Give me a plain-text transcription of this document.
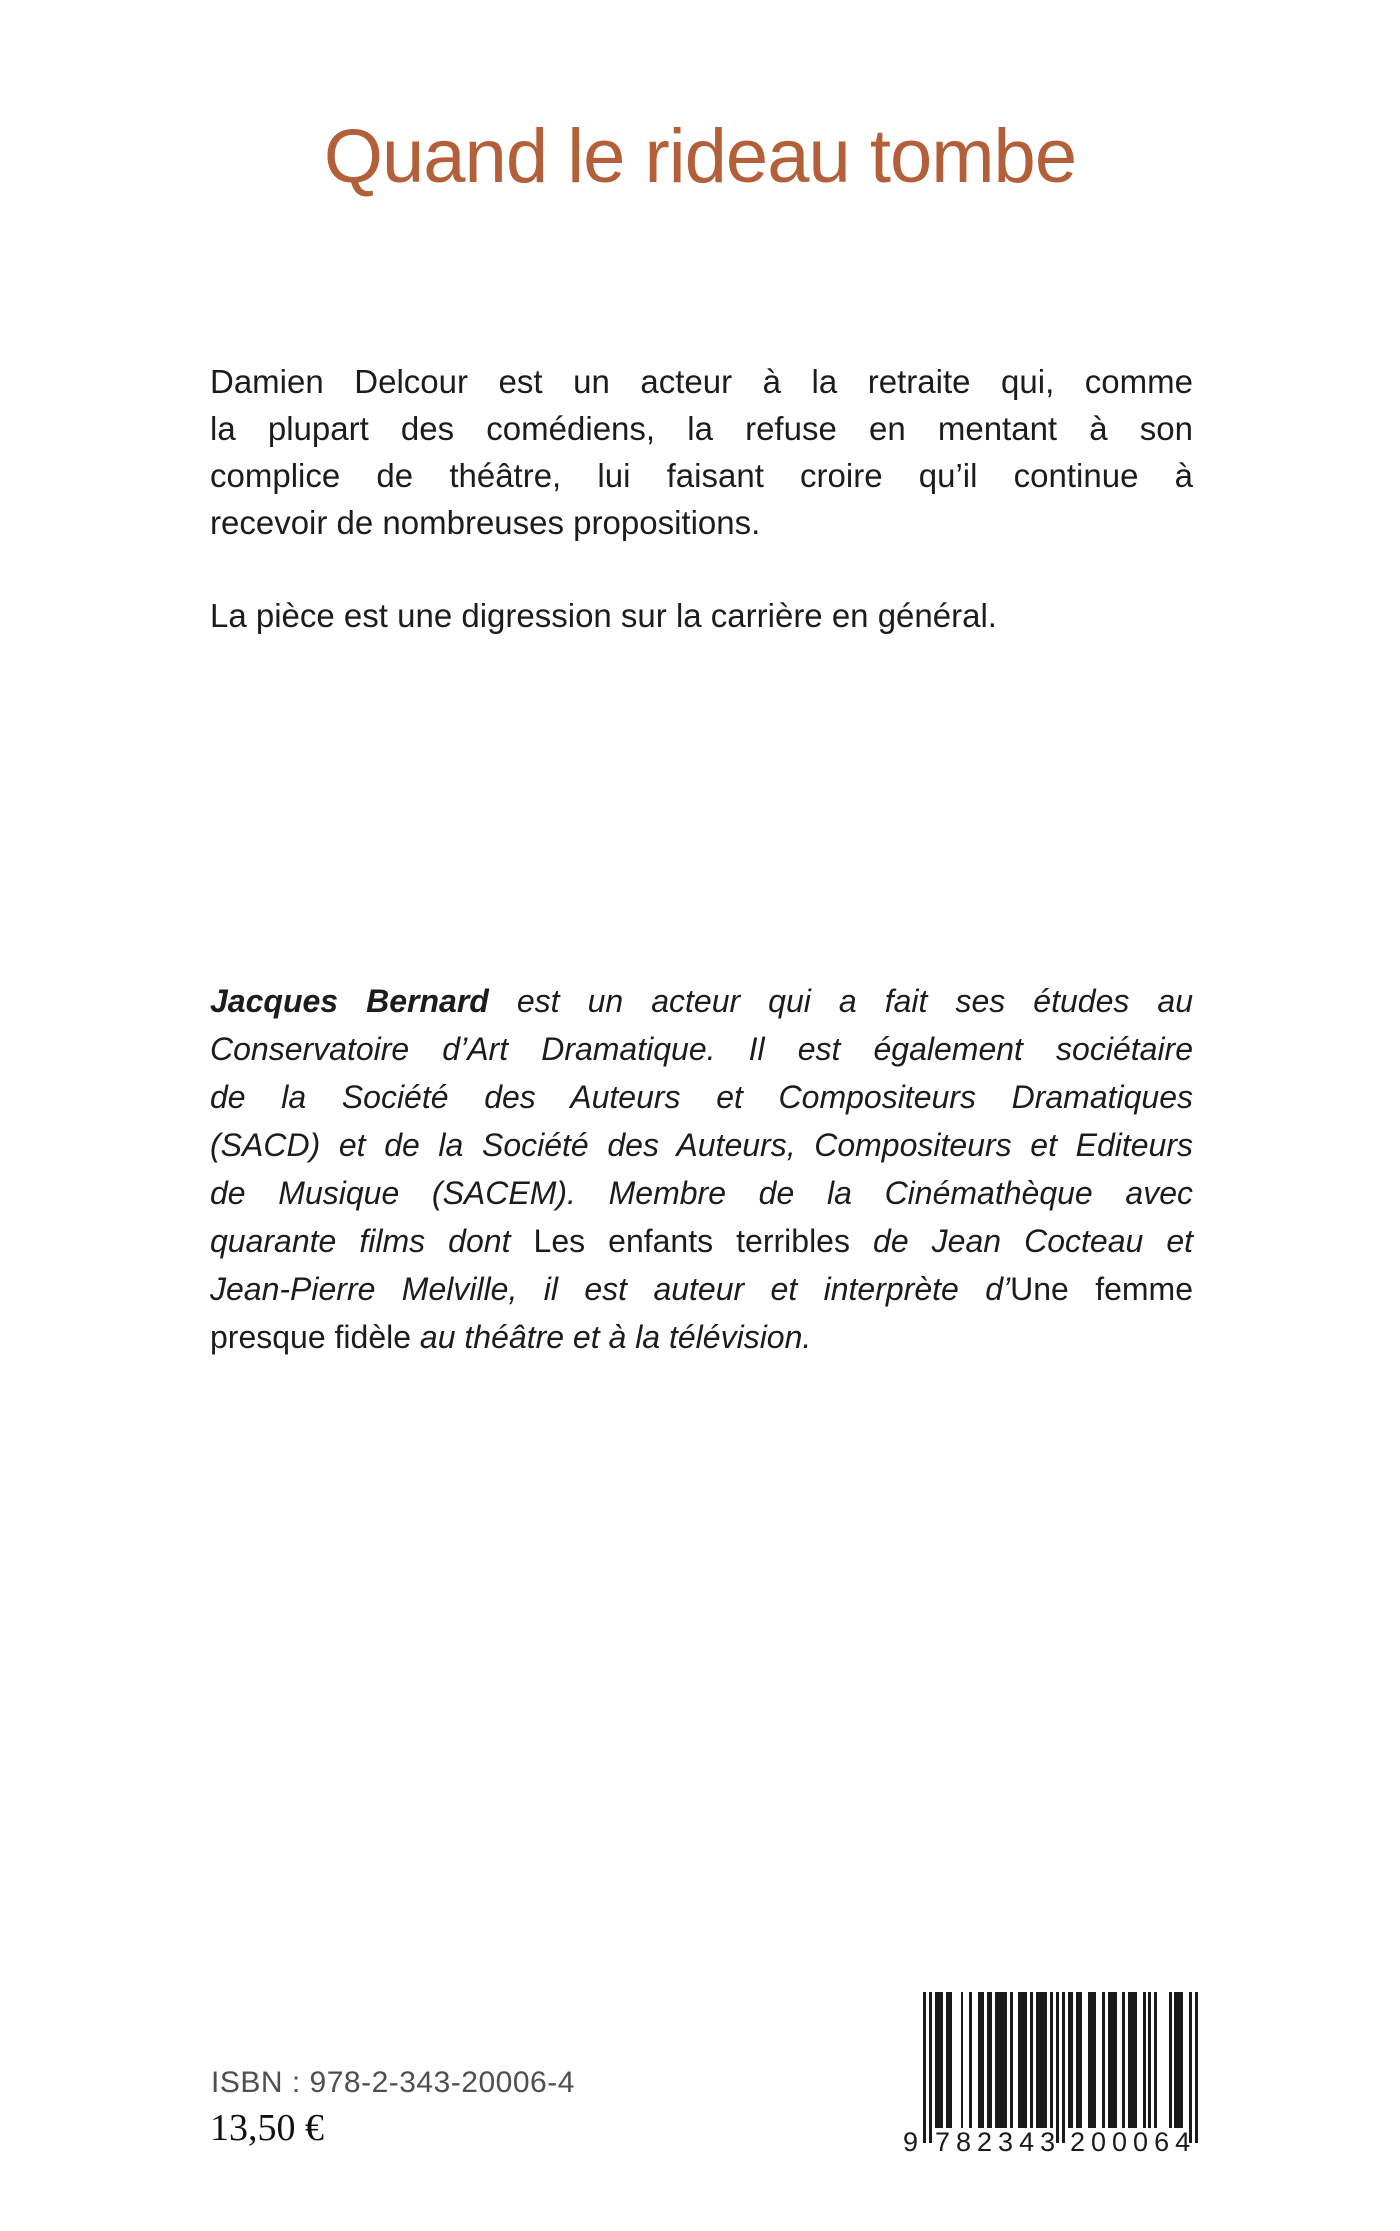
Quand le rideau tombe
Damien Delcour est un acteur à la retraite qui, comme
la plupart des comédiens, la refuse en mentant à son
complice de théâtre, lui faisant croire qu’il continue à
recevoir de nombreuses propositions.
La pièce est une digression sur la carrière en général.
Jacques Bernard est un acteur qui a fait ses études au
Conservatoire d’Art Dramatique. Il est également sociétaire
de la Société des Auteurs et Compositeurs Dramatiques
(SACD) et de la Société des Auteurs, Compositeurs et Editeurs
de Musique (SACEM). Membre de la Cinémathèque avec
quarante films dont Les enfants terribles de Jean Cocteau et
Jean-Pierre Melville, il est auteur et interprète d’Une femme
presque fidèle au théâtre et à la télévision.
ISBN : 978-2-343-20006-4
13,50 €	9 782343 200064
